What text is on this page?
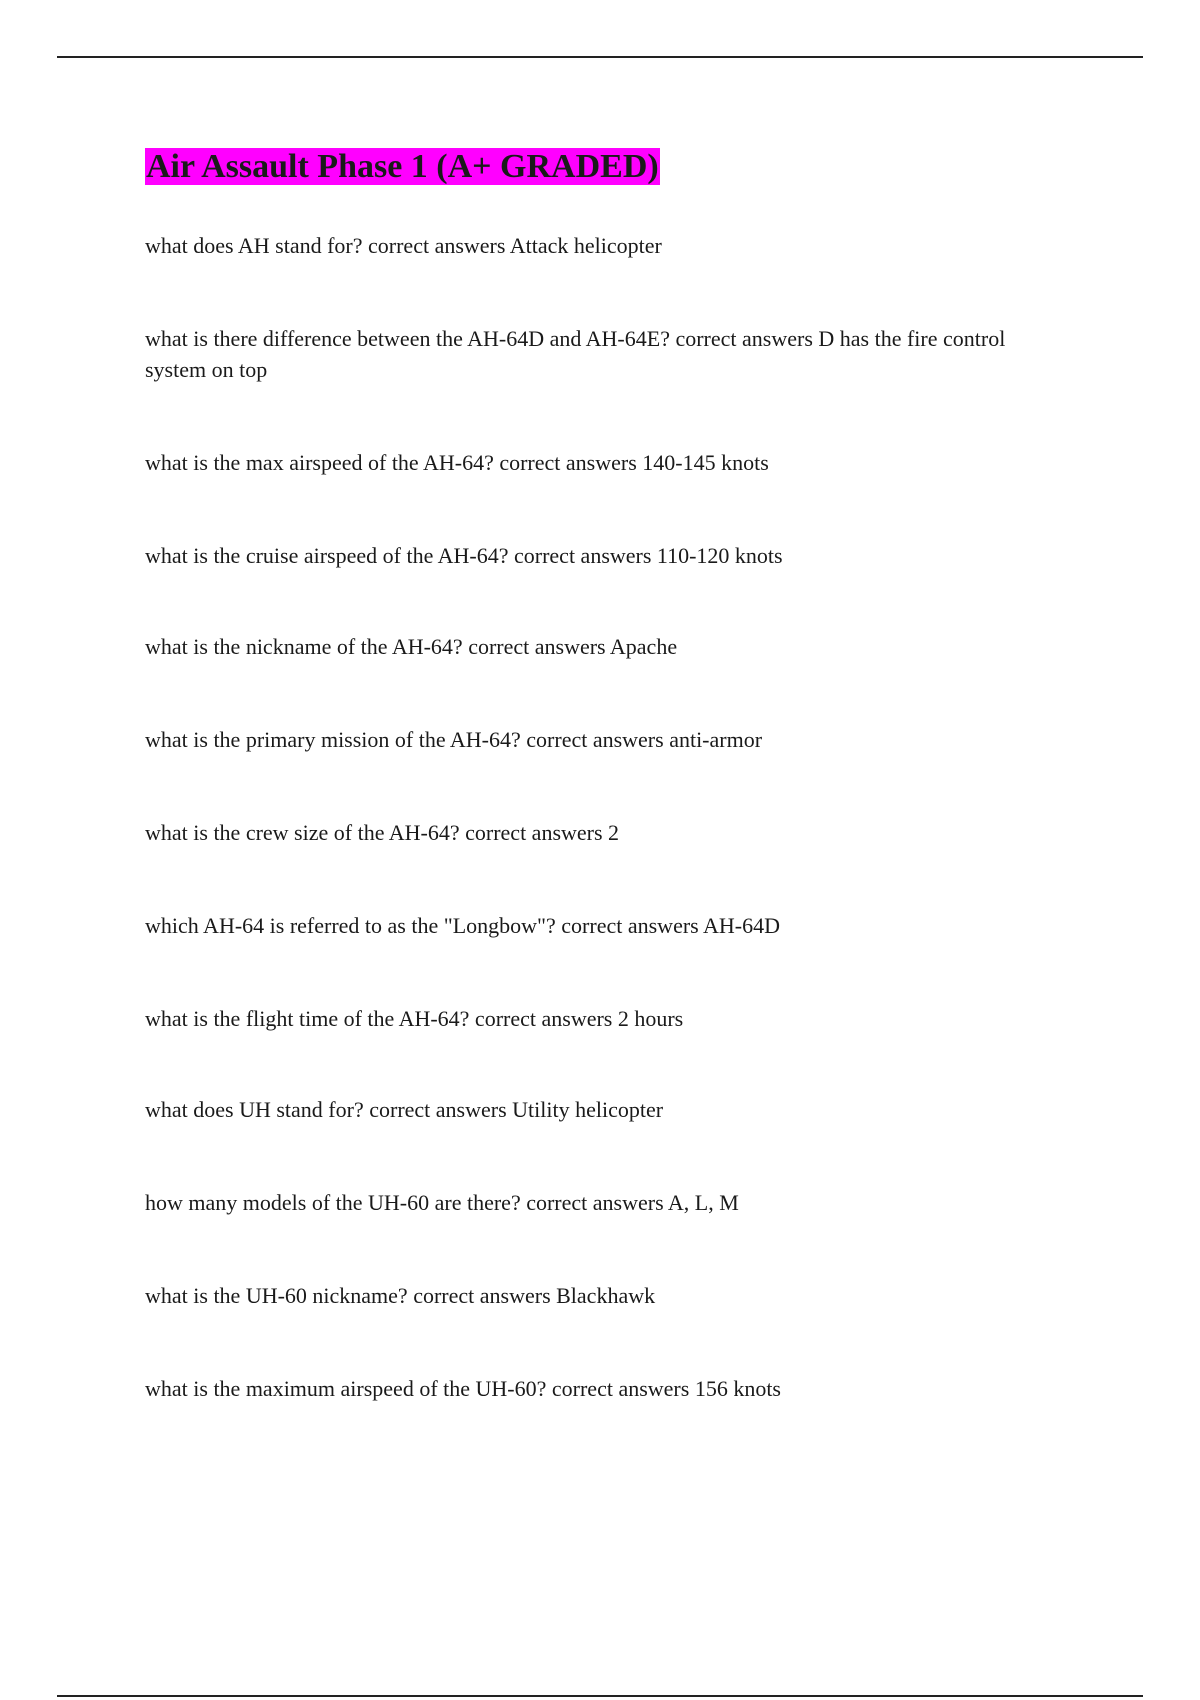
Air Assault Phase 1 (A+ GRADED)

what does AH stand for? correct answers Attack helicopter

what is there difference between the AH-64D and AH-64E? correct answers D has the fire control system on top

what is the max airspeed of the AH-64? correct answers 140-145 knots

what is the cruise airspeed of the AH-64? correct answers 110-120 knots

what is the nickname of the AH-64? correct answers Apache

what is the primary mission of the AH-64? correct answers anti-armor

what is the crew size of the AH-64? correct answers 2

which AH-64 is referred to as the "Longbow"? correct answers AH-64D

what is the flight time of the AH-64? correct answers 2 hours

what does UH stand for? correct answers Utility helicopter

how many models of the UH-60 are there? correct answers A, L, M

what is the UH-60 nickname? correct answers Blackhawk

what is the maximum airspeed of the UH-60? correct answers 156 knots
